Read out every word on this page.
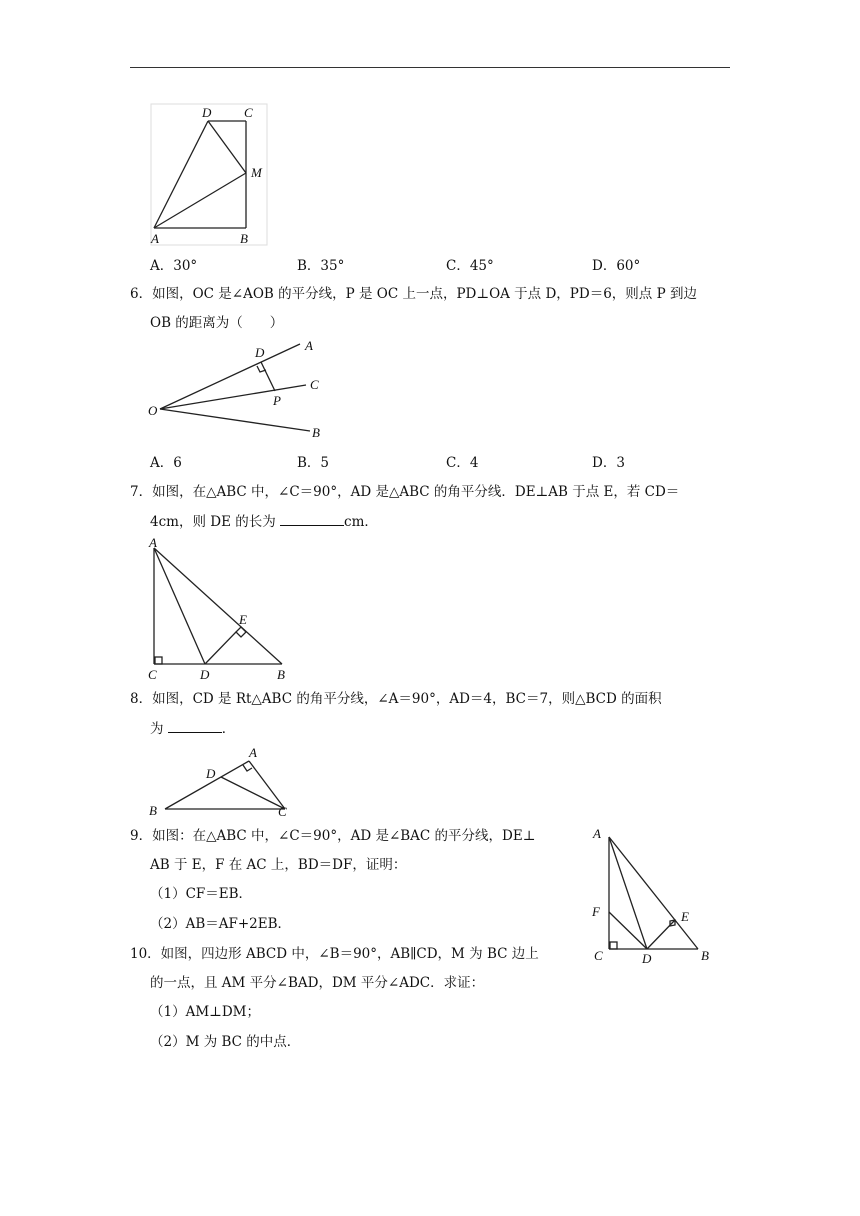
D	C
M
A	B
A．30°	B．35°	C．45°	D．60°
6．如图，OC 是∠AOB 的平分线，P 是 OC 上一点，PD⊥OA 于点 D，PD＝6，则点 P 到边
OB 的距离为（　　）
O
D	A
C
P
B
A．6	B．5	C．4	D．3
7．如图，在△ABC 中，∠C＝90°，AD 是△ABC 的角平分线．DE⊥AB 于点 E，若 CD＝
4cm，则 DE 的长为	cm．
A
E
C	D	B
8．如图，CD 是 Rt△ABC 的角平分线，∠A＝90°，AD＝4，BC＝7，则△BCD 的面积
为	．
A
D
B	C
9．如图：在△ABC 中，∠C＝90°，AD 是∠BAC 的平分线，DE⊥
AB 于 E，F 在 AC 上，BD＝DF，证明：
（1）CF＝EB．
（2）AB＝AF+2EB．
A
F	E
C	D	B
10．如图，四边形 ABCD 中，∠B＝90°，AB∥CD，M 为 BC 边上
的一点，且 AM 平分∠BAD，DM 平分∠ADC．求证：
（1）AM⊥DM；
（2）M 为 BC 的中点．
